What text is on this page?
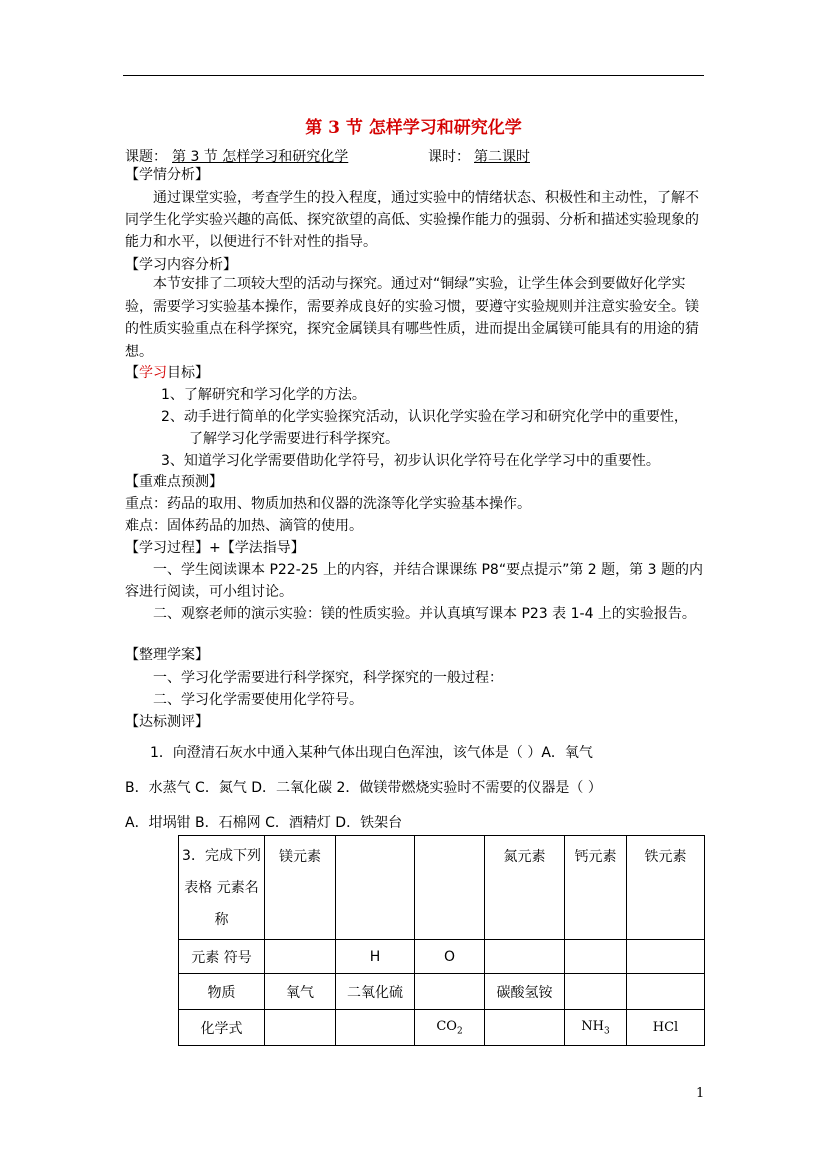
第 3 节 怎样学习和研究化学
课题： 第 3 节 怎样学习和研究化学	课时： 第二课时
【学情分析】
通过课堂实验，考查学生的投入程度，通过实验中的情绪状态、积极性和主动性，了解不同学生化学实验兴趣的高低、探究欲望的高低、实验操作能力的强弱、分析和描述实验现象的能力和水平，以便进行不针对性的指导。
【学习内容分析】
本节安排了二项较大型的活动与探究。通过对“铜绿”实验，让学生体会到要做好化学实验，需要学习实验基本操作，需要养成良好的实验习惯，要遵守实验规则并注意实验安全。镁的性质实验重点在科学探究，探究金属镁具有哪些性质，进而提出金属镁可能具有的用途的猜想。
【学习目标】
1、了解研究和学习化学的方法。
2、动手进行简单的化学实验探究活动，认识化学实验在学习和研究化学中的重要性，
了解学习化学需要进行科学探究。
3、知道学习化学需要借助化学符号，初步认识化学符号在化学学习中的重要性。
【重难点预测】
重点：药品的取用、物质加热和仪器的洗涤等化学实验基本操作。
难点：固体药品的加热、滴管的使用。
【学习过程】+【学法指导】
一、学生阅读课本 P22-25 上的内容，并结合课课练 P8“要点提示”第 2 题，第 3 题的内容进行阅读，可小组讨论。
二、观察老师的演示实验：镁的性质实验。并认真填写课本 P23 表 1-4 上的实验报告。
【整理学案】
一、学习化学需要进行科学探究，科学探究的一般过程：
二、学习化学需要使用化学符号。
【达标测评】
1．向澄清石灰水中通入某种气体出现白色浑浊，该气体是（ ）A．氧气
B．水蒸气 C．氮气 D．二氧化碳 2．做镁带燃烧实验时不需要的仪器是（ ）
A．坩埚钳 B．石棉网 C．酒精灯 D．铁架台
3．完成下列表格 元素名称	镁元素			氮元素	钙元素	铁元素
元素 符号		H	O			
物质	氧气	二氧化硫		碳酸氢铵		
化学式			$CO_2$		$NH_3$	HCl
1
